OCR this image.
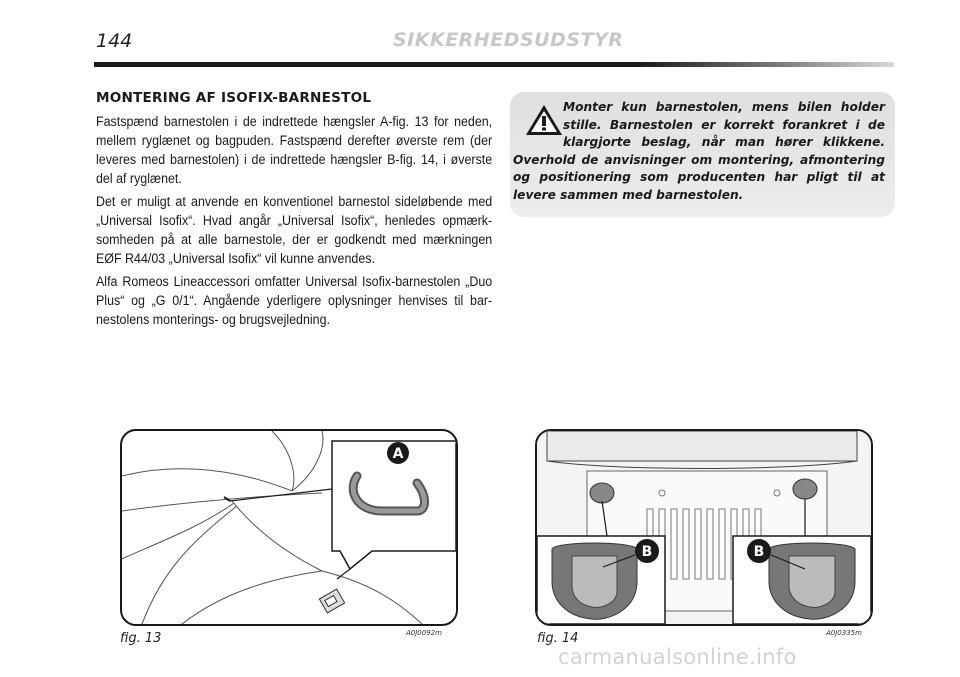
144	SIKKERHEDSUDSTYR
MONTERING AF ISOFIX-BARNESTOL

Fastspænd barnestolen i de indrettede hængsler A-fig. 13 for neden, mellem ryglænet og bagpuden. Fastspænd derefter øverste rem (der leveres med barnestolen) i de indrettede hængsler B-fig. 14, i øverste del af ryglænet.

Det er muligt at anvende en konventionel barnestol sideløbende med „Universal Isofix“. Hvad angår „Universal Isofix“, henledes opmærksomheden på at alle barnestole, der er godkendt med mærkningen EØF R44/03 „Universal Isofix“ vil kunne anvendes.

Alfa Romeos Lineaccessori omfatter Universal Isofix-barnestolen „Duo Plus“ og „G 0/1“. Angående yderligere oplysninger henvises til barnestolens monterings- og brugsvejledning.

Monter kun barnestolen, mens bilen holder stille. Barnestolen er korrekt forankret i de klargjorte beslag, når man hører klikkene. Overhold de anvisninger om montering, afmontering og positionering som producenten har pligt til at levere sammen med barnestolen.
A
fig. 13	A0J0092m
B	B
fig. 14	A0J0335m
carmanualsonline.info
